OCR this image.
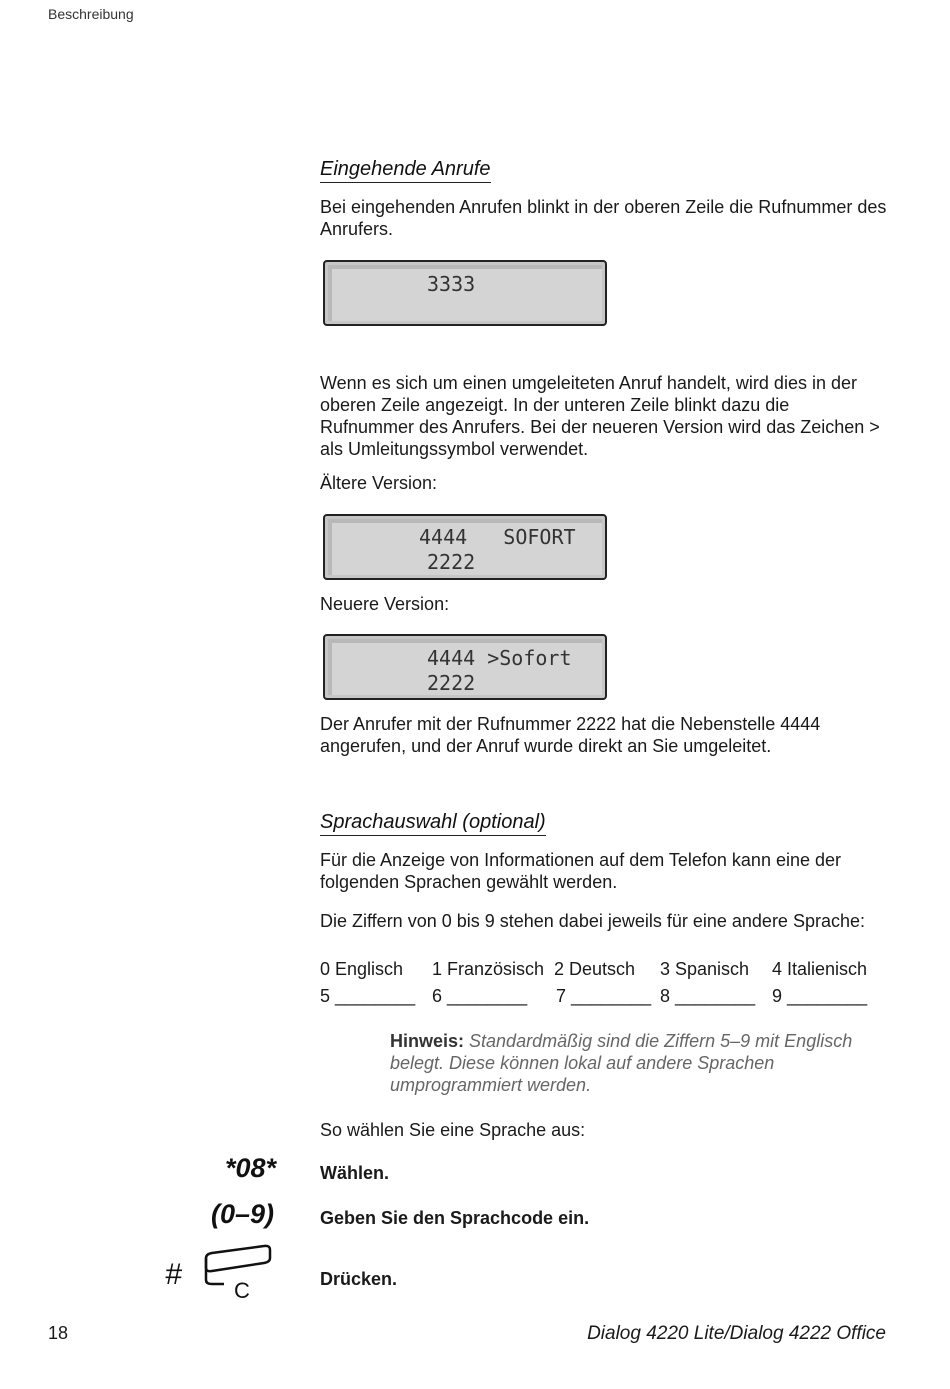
Beschreibung
Eingehende Anrufe
Bei eingehenden Anrufen blinkt in der oberen Zeile die Rufnummer des Anrufers.
3333
Wenn es sich um einen umgeleiteten Anruf handelt, wird dies in der oberen Zeile angezeigt. In der unteren Zeile blinkt dazu die Rufnummer des Anrufers. Bei der neueren Version wird das Zeichen > als Umleitungssymbol verwendet.
Ältere Version:
4444   SOFORT
2222
Neuere Version:
4444 >Sofort
2222
Der Anrufer mit der Rufnummer 2222 hat die Nebenstelle 4444 angerufen, und der Anruf wurde direkt an Sie umgeleitet.
Sprachauswahl (optional)
Für die Anzeige von Informationen auf dem Telefon kann eine der folgenden Sprachen gewählt werden.
Die Ziffern von 0 bis 9 stehen dabei jeweils für eine andere Sprache:
0 Englisch 1 Französisch 2 Deutsch 3 Spanisch 4 Italienisch
5 ________ 6 ________ 7 ________ 8 ________ 9 ________
Hinweis: Standardmäßig sind die Ziffern 5–9 mit Englisch belegt. Diese können lokal auf andere Sprachen umprogrammiert werden.
So wählen Sie eine Sprache aus:
*08* Wählen.
(0–9)	Geben Sie den Sprachcode ein.
# C	Drücken.
18	Dialog 4220 Lite/Dialog 4222 Office
